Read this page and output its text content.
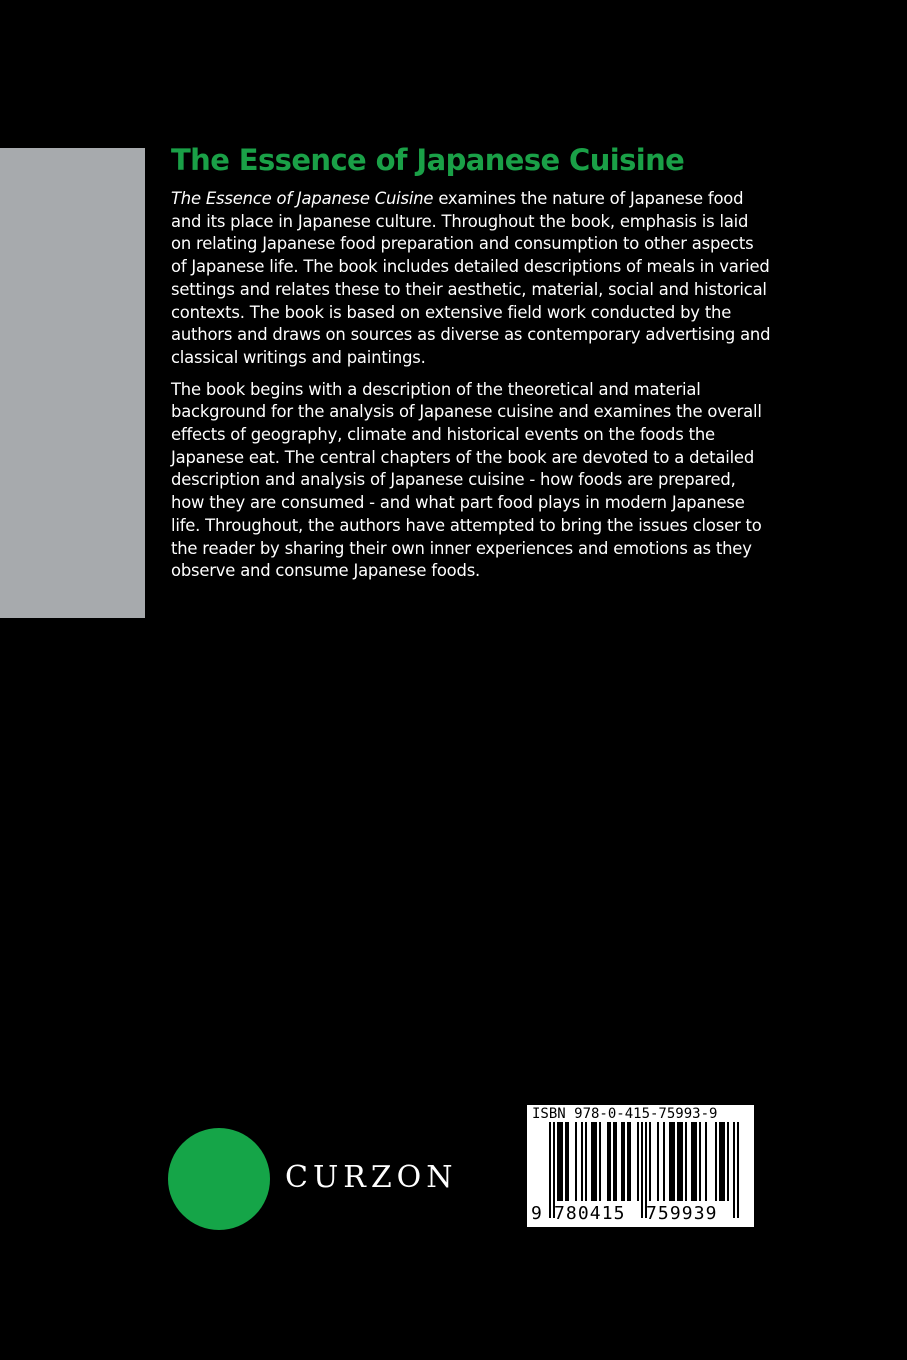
The Essence of Japanese Cuisine

The Essence of Japanese Cuisine examines the nature of Japanese food and its place in Japanese culture. Throughout the book, emphasis is laid on relating Japanese food preparation and consumption to other aspects of Japanese life. The book includes detailed descriptions of meals in varied settings and relates these to their aesthetic, material, social and historical contexts. The book is based on extensive field work conducted by the authors and draws on sources as diverse as contemporary advertising and classical writings and paintings.

The book begins with a description of the theoretical and material background for the analysis of Japanese cuisine and examines the overall effects of geography, climate and historical events on the foods the Japanese eat. The central chapters of the book are devoted to a detailed description and analysis of Japanese cuisine - how foods are prepared, how they are consumed - and what part food plays in modern Japanese life. Throughout, the authors have attempted to bring the issues closer to the reader by sharing their own inner experiences and emotions as they observe and consume Japanese foods.

CURZON
ISBN 978-0-415-75993-9
9 780415 759939
